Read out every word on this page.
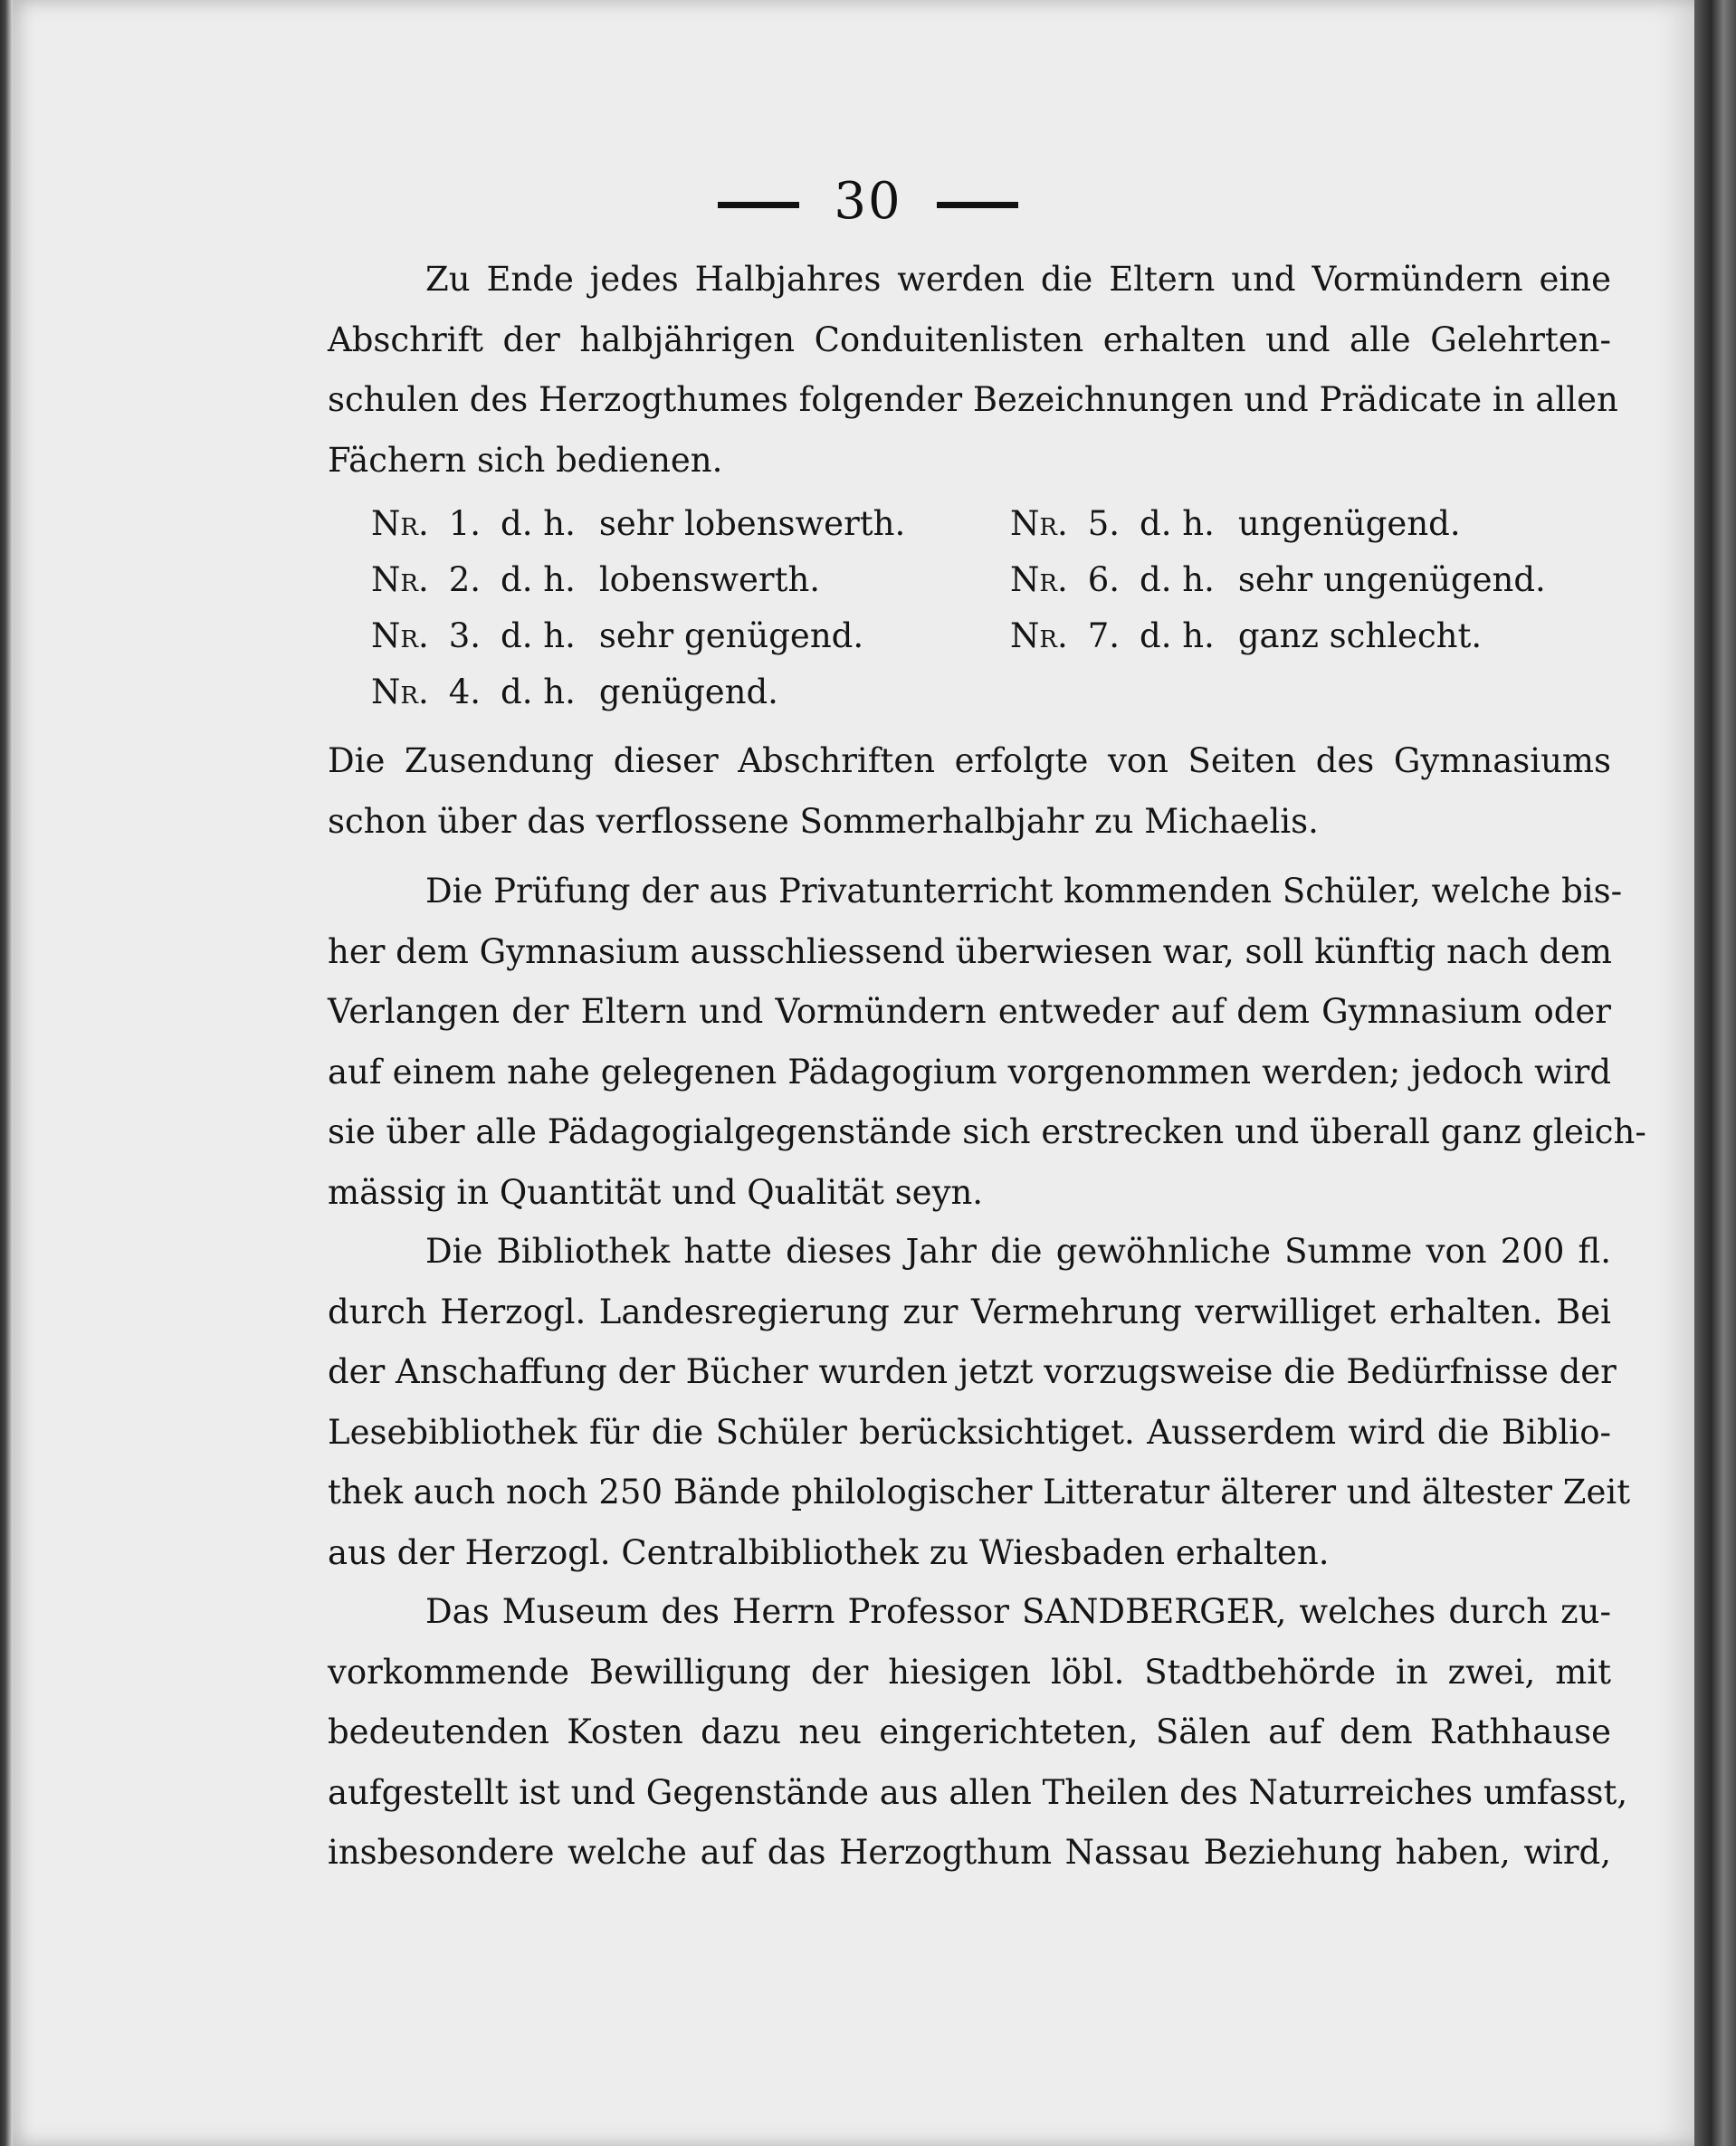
30
Zu Ende jedes Halbjahres werden die Eltern und Vormündern eine
Abschrift der halbjährigen Conduitenlisten erhalten und alle Gelehrten-
schulen des Herzogthumes folgender Bezeichnungen und Prädicate in allen
Fächern sich bedienen.
Nr. 1. d. h. sehr lobenswerth.
Nr. 2. d. h. lobenswerth.
Nr. 3. d. h. sehr genügend.
Nr. 4. d. h. genügend.
Nr. 5. d. h. ungenügend.
Nr. 6. d. h. sehr ungenügend.
Nr. 7. d. h. ganz schlecht.
Die Zusendung dieser Abschriften erfolgte von Seiten des Gymnasiums
schon über das verflossene Sommerhalbjahr zu Michaelis.
Die Prüfung der aus Privatunterricht kommenden Schüler, welche bis-
her dem Gymnasium ausschliessend überwiesen war, soll künftig nach dem
Verlangen der Eltern und Vormündern entweder auf dem Gymnasium oder
auf einem nahe gelegenen Pädagogium vorgenommen werden; jedoch wird
sie über alle Pädagogialgegenstände sich erstrecken und überall ganz gleich-
mässig in Quantität und Qualität seyn.
Die Bibliothek hatte dieses Jahr die gewöhnliche Summe von 200 fl.
durch Herzogl. Landesregierung zur Vermehrung verwilliget erhalten. Bei
der Anschaffung der Bücher wurden jetzt vorzugsweise die Bedürfnisse der
Lesebibliothek für die Schüler berücksichtiget. Ausserdem wird die Biblio-
thek auch noch 250 Bände philologischer Litteratur älterer und ältester Zeit
aus der Herzogl. Centralbibliothek zu Wiesbaden erhalten.
Das Museum des Herrn Professor SANDBERGER, welches durch zu-
vorkommende Bewilligung der hiesigen löbl. Stadtbehörde in zwei, mit
bedeutenden Kosten dazu neu eingerichteten, Sälen auf dem Rathhause
aufgestellt ist und Gegenstände aus allen Theilen des Naturreiches umfasst,
insbesondere welche auf das Herzogthum Nassau Beziehung haben, wird,
